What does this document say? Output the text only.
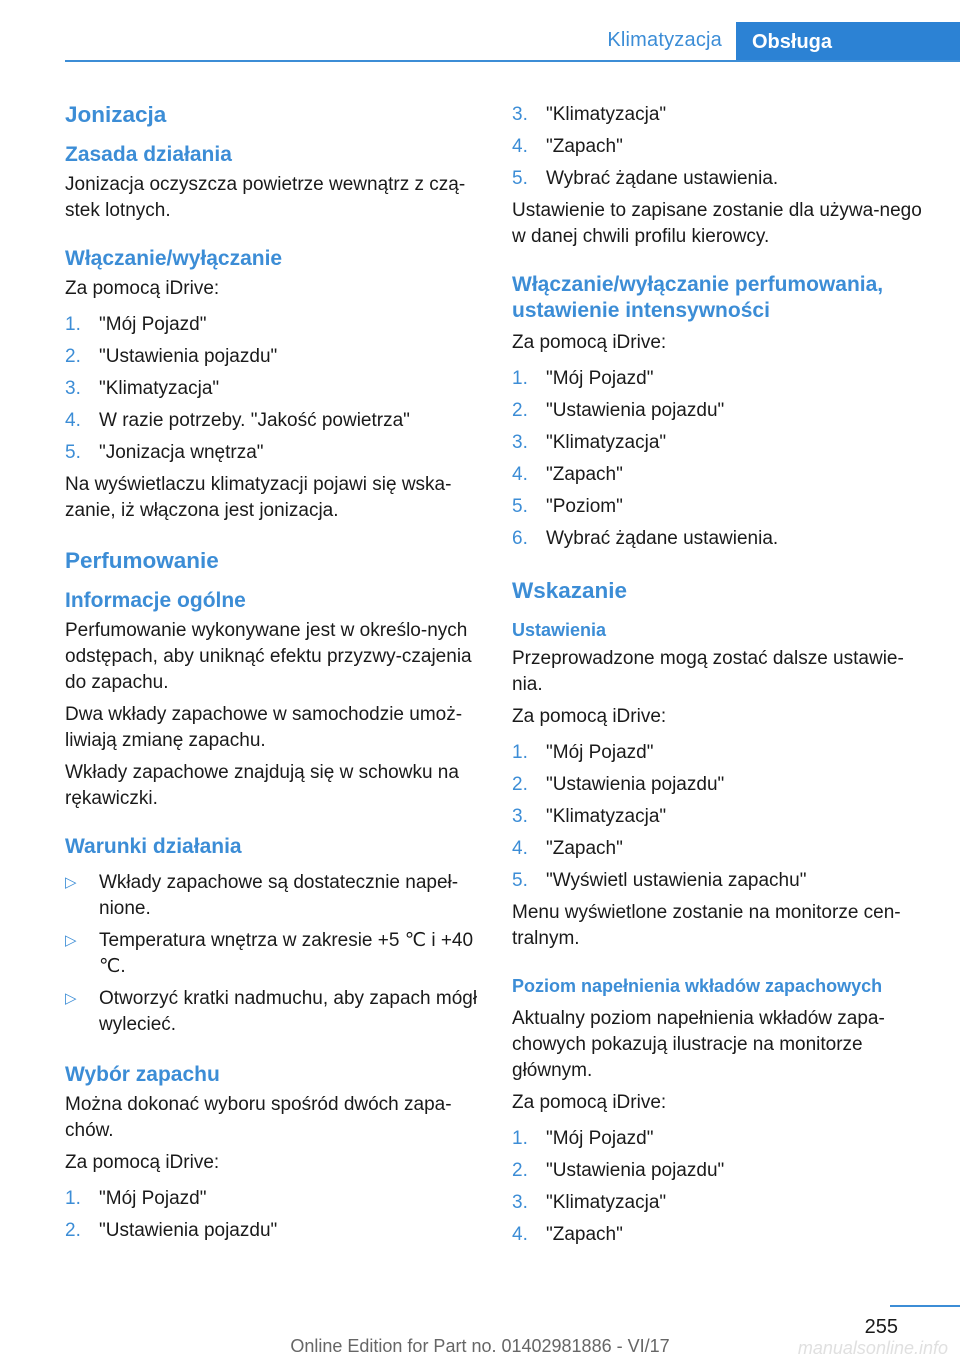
Klimatyzacja Obsługa
Jonizacja
Zasada działania

Jonizacja oczyszcza powietrze wewnątrz z czą-stek lotnych.

Włączanie/wyłączanie

Za pomocą iDrive:

1. "Mój Pojazd"
2. "Ustawienia pojazdu"
3. "Klimatyzacja"
4. W razie potrzeby. "Jakość powietrza"
5. "Jonizacja wnętrza"

Na wyświetlaczu klimatyzacji pojawi się wska-zanie, iż włączona jest jonizacja.

Perfumowanie
Informacje ogólne

Perfumowanie wykonywane jest w określo-nych odstępach, aby uniknąć efektu przyzwy-czajenia do zapachu.

Dwa wkłady zapachowe w samochodzie umoż-liwiają zmianę zapachu.

Wkłady zapachowe znajdują się w schowku na rękawiczki.

Warunki działania
▷	Wkłady zapachowe są dostatecznie napeł-nione.
▷	Temperatura wnętrza w zakresie +5 ℃ i +40 ℃.
▷	Otworzyć kratki nadmuchu, aby zapach mógł wylecieć.
Wybór zapachu

Można dokonać wyboru spośród dwóch zapa-chów.

Za pomocą iDrive:

1. "Mój Pojazd"
2. "Ustawienia pojazdu"
3. "Klimatyzacja"
4. "Zapach"
5. Wybrać żądane ustawienia.

Ustawienie to zapisane zostanie dla używa-nego w danej chwili profilu kierowcy.

Włączanie/wyłączanie perfumowania, ustawienie intensywności

Za pomocą iDrive:

1. "Mój Pojazd"
2. "Ustawienia pojazdu"
3. "Klimatyzacja"
4. "Zapach"
5. "Poziom"
6. Wybrać żądane ustawienia.
Wskazanie
Ustawienia

Przeprowadzone mogą zostać dalsze ustawie-nia.

Za pomocą iDrive:

1. "Mój Pojazd"
2. "Ustawienia pojazdu"
3. "Klimatyzacja"
4. "Zapach"
5. "Wyświetl ustawienia zapachu"

Menu wyświetlone zostanie na monitorze cen-tralnym.

Poziom napełnienia wkładów zapachowych

Aktualny poziom napełnienia wkładów zapa-chowych pokazują ilustracje na monitorze głównym.

Za pomocą iDrive:

1. "Mój Pojazd"
2. "Ustawienia pojazdu"
3. "Klimatyzacja"
4. "Zapach"
255
Online Edition for Part no. 01402981886 - VI/17	manualsonline.info
